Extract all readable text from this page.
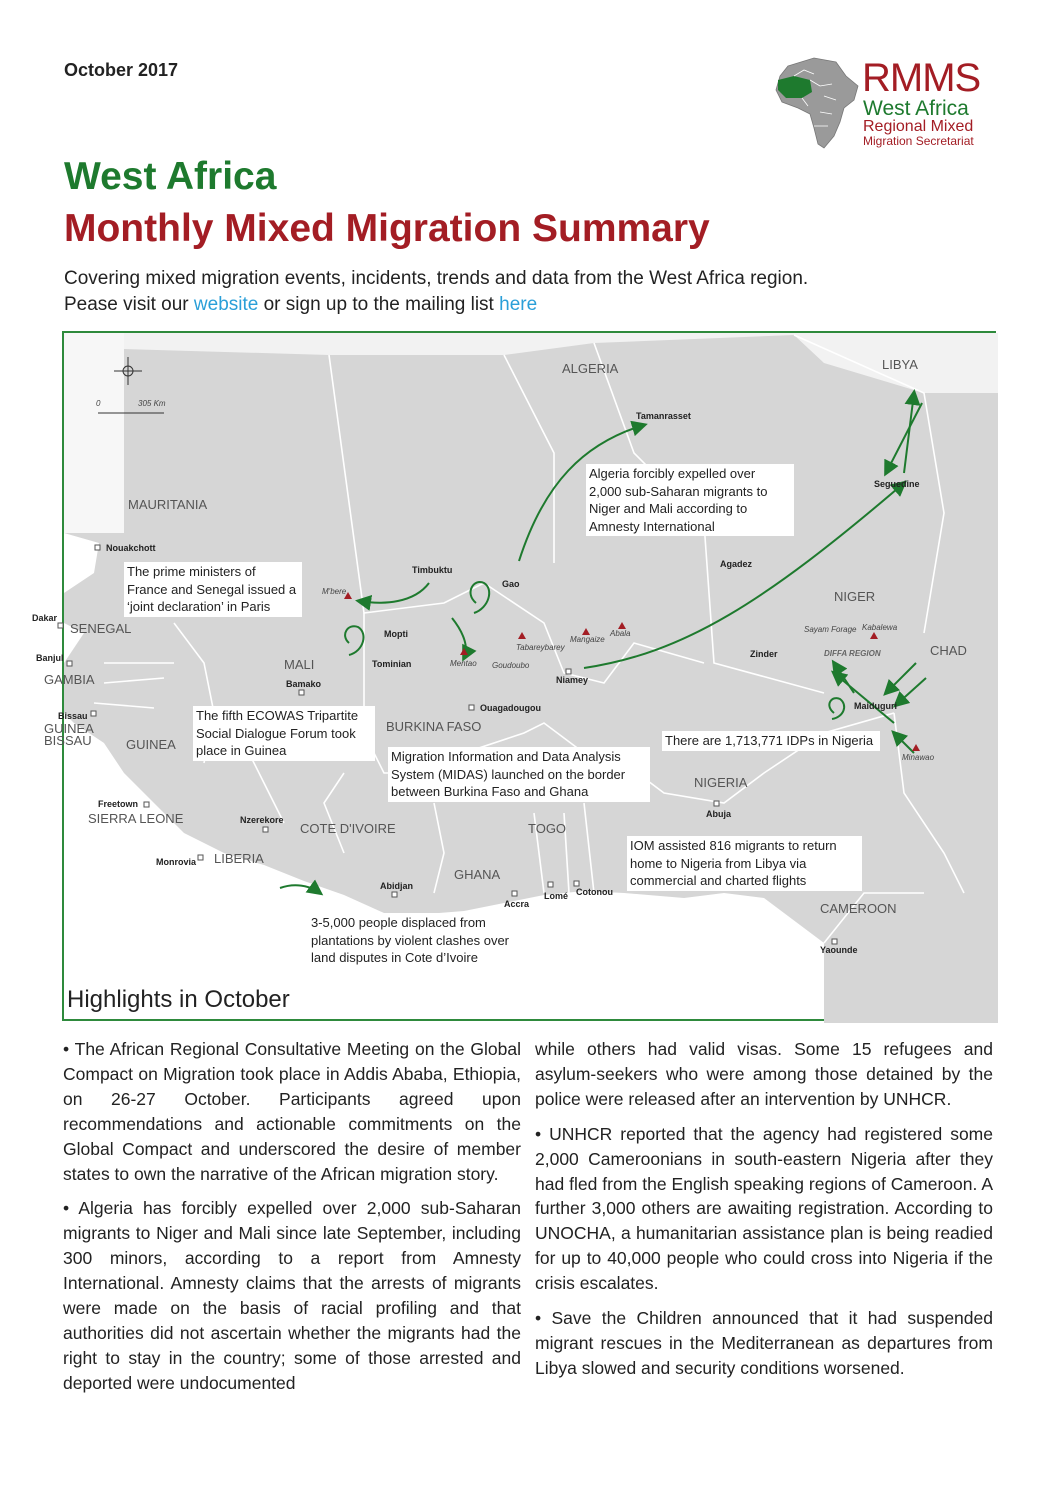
October 2017	RMMS
West Africa
Regional Mixed
Migration Secretariat
West Africa
Monthly Mixed Migration Summary
Covering mixed migration events, incidents, trends and data from the West Africa region.
Pease visit our website or sign up to the mailing list here
305 Km
0
ALGERIA	LIBYA
MAURITANIA
SENEGAL
GAMBIA
GUINEA
BISSAU	GUINEA
MALI
NIGER
CHAD
BURKINA FASO
SIERRA LEONE
LIBERIA
COTE D'IVOIRE
GHANA
TOGO
NIGERIA
CAMEROON
Nouakchott
Dakar
Banjul
Bissau
Bamako
Freetown
Monrovia
Nzerekore
Abidjan
Accra
Lomé Cotonou
Ouagadougou
Niamey
Abuja
Yaounde
Maiduguri
Zinder
Agadez
Timbuktu
Gao
Mopti
Tominian
Tamanrasset
Seguedine
M'bere
Tabareybarey
Mangaize
Abala
Mentao Goudoubo
Sayam Forage Kabalewa
DIFFA REGION
Minawao
Algeria forcibly expelled over 2,000 sub-Saharan migrants to Niger and Mali according to Amnesty International
The prime ministers of France and Senegal issued a ‘joint declaration’ in Paris
The fifth ECOWAS Tripartite Social Dialogue Forum took place in Guinea	Migration Information and Data Analysis System (MIDAS) launched on the border between Burkina Faso and Ghana
There are 1,713,771 IDPs in Nigeria
IOM assisted 816 migrants to return home to Nigeria from Libya via commercial and charted flights
3-5,000 people displaced from plantations by violent clashes over land disputes in Cote d’Ivoire
Highlights in October

• The African Regional Consultative Meeting on the Global Compact on Migration took place in Addis Ababa, Ethiopia, on 26-27 October. Participants agreed upon recommendations and actionable commitments on the Global Compact and underscored the desire of member states to own the narrative of the African migration story.

• Algeria has forcibly expelled over 2,000 sub-Saharan migrants to Niger and Mali since late September, including 300 minors, according to a report from Amnesty International. Amnesty claims that the arrests of migrants were made on the basis of racial profiling and that authorities did not ascertain whether the migrants had the right to stay in the country; some of those arrested and deported were undocumented

while others had valid visas. Some 15 refugees and asylum-seekers who were among those detained by the police were released after an intervention by UNHCR.

• UNHCR reported that the agency had registered some 2,000 Cameroonians in south-eastern Nigeria after they had fled from the English speaking regions of Cameroon. A further 3,000 others are awaiting registration. According to UNOCHA, a humanitarian assistance plan is being readied for up to 40,000 people who could cross into Nigeria if the crisis escalates.

• Save the Children announced that it had suspended migrant rescues in the Mediterranean as departures from Libya slowed and security conditions worsened.
